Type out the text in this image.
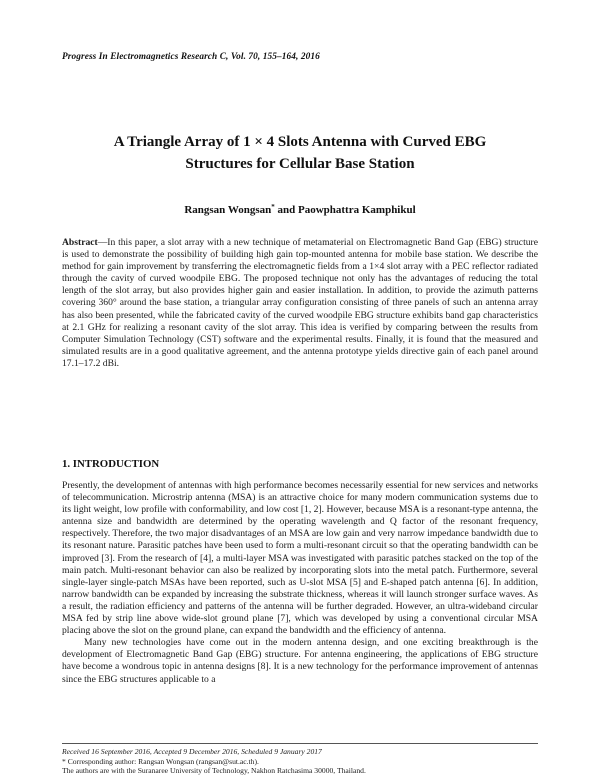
Progress In Electromagnetics Research C, Vol. 70, 155–164, 2016
A Triangle Array of 1 × 4 Slots Antenna with Curved EBG
Structures for Cellular Base Station
Rangsan Wongsan* and Paowphattra Kamphikul
Abstract—In this paper, a slot array with a new technique of metamaterial on Electromagnetic Band Gap (EBG) structure is used to demonstrate the possibility of building high gain top-mounted antenna for mobile base station. We describe the method for gain improvement by transferring the electromagnetic fields from a 1×4 slot array with a PEC reflector radiated through the cavity of curved woodpile EBG. The proposed technique not only has the advantages of reducing the total length of the slot array, but also provides higher gain and easier installation. In addition, to provide the azimuth patterns covering 360° around the base station, a triangular array configuration consisting of three panels of such an antenna array has also been presented, while the fabricated cavity of the curved woodpile EBG structure exhibits band gap characteristics at 2.1 GHz for realizing a resonant cavity of the slot array. This idea is verified by comparing between the results from Computer Simulation Technology (CST) software and the experimental results. Finally, it is found that the measured and simulated results are in a good qualitative agreement, and the antenna prototype yields directive gain of each panel around 17.1–17.2 dBi.
1. INTRODUCTION

Presently, the development of antennas with high performance becomes necessarily essential for new services and networks of telecommunication. Microstrip antenna (MSA) is an attractive choice for many modern communication systems due to its light weight, low profile with conformability, and low cost [1, 2]. However, because MSA is a resonant-type antenna, the antenna size and bandwidth are determined by the operating wavelength and Q factor of the resonant frequency, respectively. Therefore, the two major disadvantages of an MSA are low gain and very narrow impedance bandwidth due to its resonant nature. Parasitic patches have been used to form a multi-resonant circuit so that the operating bandwidth can be improved [3]. From the research of [4], a multi-layer MSA was investigated with parasitic patches stacked on the top of the main patch. Multi-resonant behavior can also be realized by incorporating slots into the metal patch. Furthermore, several single-layer single-patch MSAs have been reported, such as U-slot MSA [5] and E-shaped patch antenna [6]. In addition, narrow bandwidth can be expanded by increasing the substrate thickness, whereas it will launch stronger surface waves. As a result, the radiation efficiency and patterns of the antenna will be further degraded. However, an ultra-wideband circular MSA fed by strip line above wide-slot ground plane [7], which was developed by using a conventional circular MSA placing above the slot on the ground plane, can expand the bandwidth and the efficiency of antenna.

Many new technologies have come out in the modern antenna design, and one exciting breakthrough is the development of Electromagnetic Band Gap (EBG) structure. For antenna engineering, the applications of EBG structure have become a wondrous topic in antenna designs [8]. It is a new technology for the performance improvement of antennas since the EBG structures applicable to a

Received 16 September 2016, Accepted 9 December 2016, Scheduled 9 January 2017
* Corresponding author: Rangsan Wongsan (rangsan@sut.ac.th).
The authors are with the Suranaree University of Technology, Nakhon Ratchasima 30000, Thailand.
